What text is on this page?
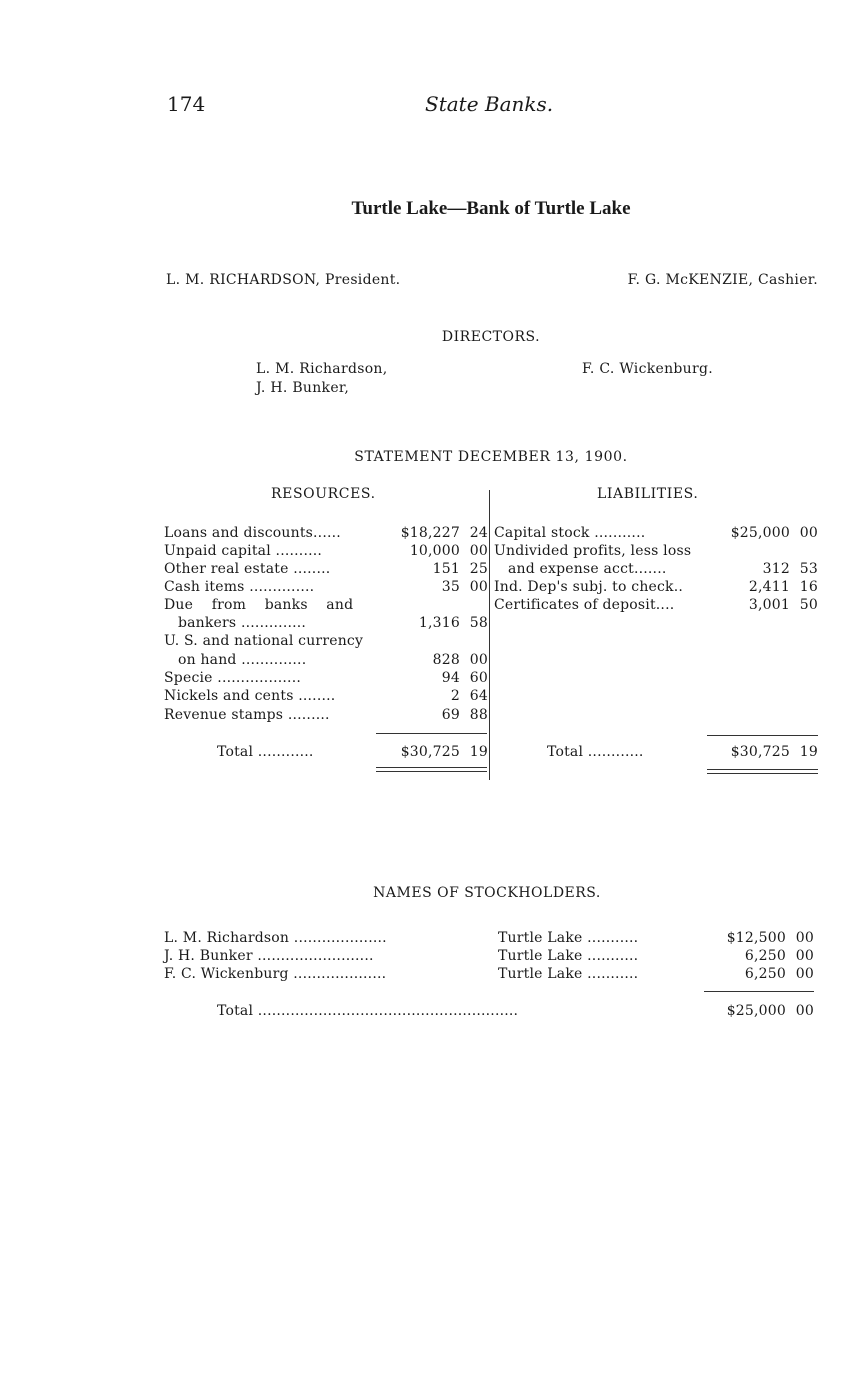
174	State Banks.
Turtle Lake—Bank of Turtle Lake
L. M. RICHARDSON, President.	F. G. McKENZIE, Cashier.
DIRECTORS.
L. M. Richardson,
J. H. Bunker,
F. C. Wickenburg.
STATEMENT DECEMBER 13, 1900.
RESOURCES.	LIABILITIES.
Loans and discounts......	$18,227 24
Unpaid capital ..........	10,000 00
Other real estate ........	151 25
Cash items ..............	35 00
Due    from    banks    and
bankers ..............	1,316 58
U. S. and national currency
on hand ..............	828 00
Specie ..................	94 60
Nickels and cents ........	2 64
Revenue stamps .........	69 88
Total ............	$30,725 19
Capital stock ...........	$25,000 00
Undivided profits, less loss
and expense acct.......	312 53
Ind. Dep's subj. to check..	2,411 16
Certificates of deposit....	3,001 50
Total ............	$30,725 19
NAMES OF STOCKHOLDERS.
L. M. Richardson ....................	Turtle Lake ...........	$12,500 00
J. H. Bunker .........................	Turtle Lake ...........	6,250 00
F. C. Wickenburg ....................	Turtle Lake ...........	6,250 00
Total ........................................................	$25,000 00
